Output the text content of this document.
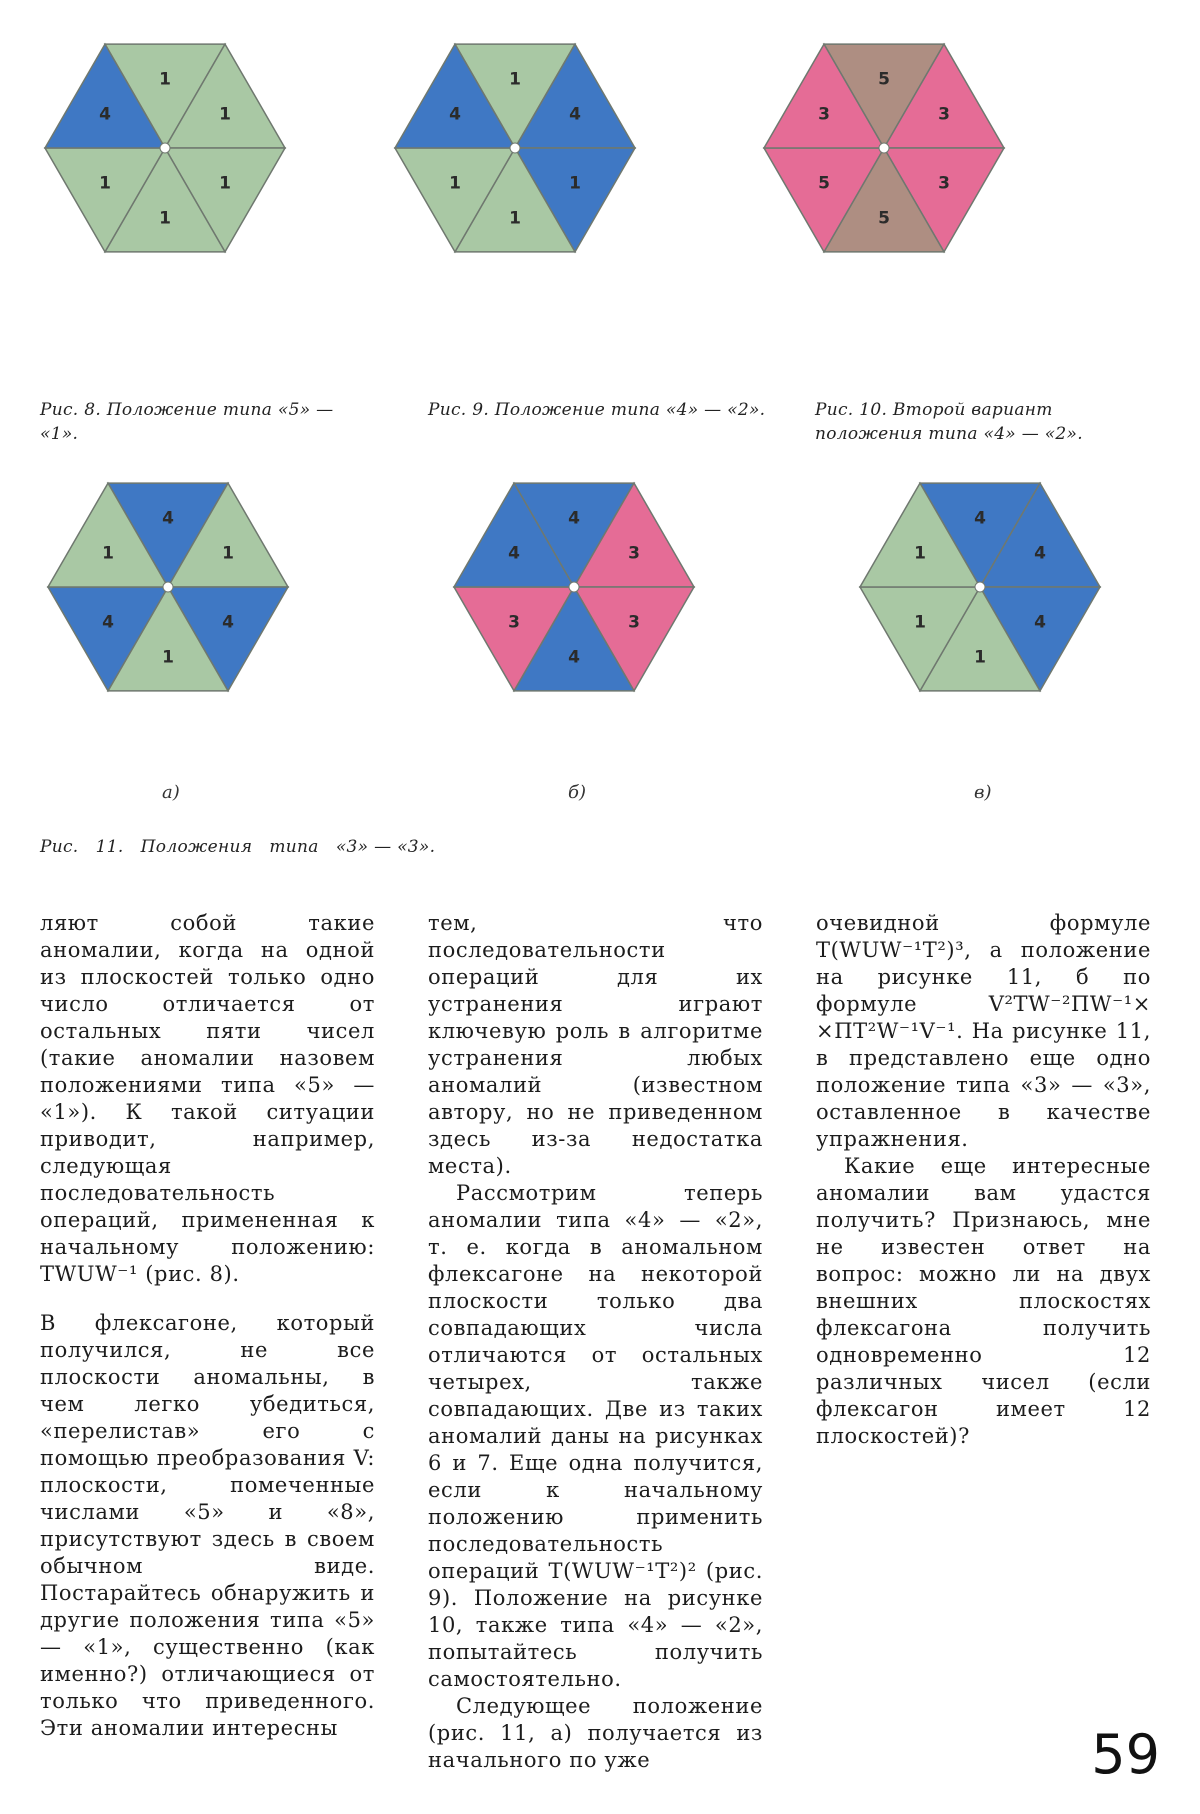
1
1
1
1
1
4
1
4
1
1
1
4
5
3
3
5
5
3
Рис. 8. Положение типа «5» — «1».
Рис. 9. Положение типа «4» — «2».	Рис. 10. Второй вариант положения типа «4» — «2».
4
1
4
1
4
1
4
3
3
4
3
4
4
4
4
1
1
1
а)	б)	в)
Рис.   11.   Положения   типа   «3» — «3».

ляют собой такие аномалии, когда на одной из плоскостей только одно число отличается от остальных пяти чисел (такие аномалии назовем положениями типа «5» — «1»). К такой ситуации приводит, например, следующая последовательность операций, примененная к начальному положению: TWUW⁻¹ (рис. 8).

В флексагоне, который получился, не все плоскости аномальны, в чем легко убедиться, «перелистав» его с помощью преобразования V: плоскости, помеченные числами «5» и «8», присутствуют здесь в своем обычном виде. Постарайтесь обнаружить и другие положения типа «5» — «1», существенно (как именно?) отличающиеся от только что приведенного. Эти аномалии интересны

тем, что последовательности операций для их устранения играют ключевую роль в алгоритме устранения любых аномалий (известном автору, но не приведенном здесь из-за недостатка места).

Рассмотрим теперь аномалии типа «4» — «2», т. е. когда в аномальном флексагоне на некоторой плоскости только два совпадающих числа отличаются от остальных четырех, также совпадающих. Две из таких аномалий даны на рисунках 6 и 7. Еще одна получится, если к начальному положению применить последовательность операций T(WUW⁻¹T²)² (рис. 9). Положение на рисунке 10, также типа «4» — «2», попытайтесь получить самостоятельно.

Следующее положение (рис. 11, а) получается из начального по уже

очевидной формуле T(WUW⁻¹T²)³, а положение на рисунке 11, б по формуле V²TW⁻²ПW⁻¹× ×ПT²W⁻¹V⁻¹. На рисунке 11, в представлено еще одно положение типа «3» — «3», оставленное в качестве упражнения.

Какие еще интересные аномалии вам удастся получить? Признаюсь, мне не известен ответ на вопрос: можно ли на двух внешних плоскостях флексагона получить одновременно 12 различных чисел (если флексагон имеет 12 плоскостей)?

59
